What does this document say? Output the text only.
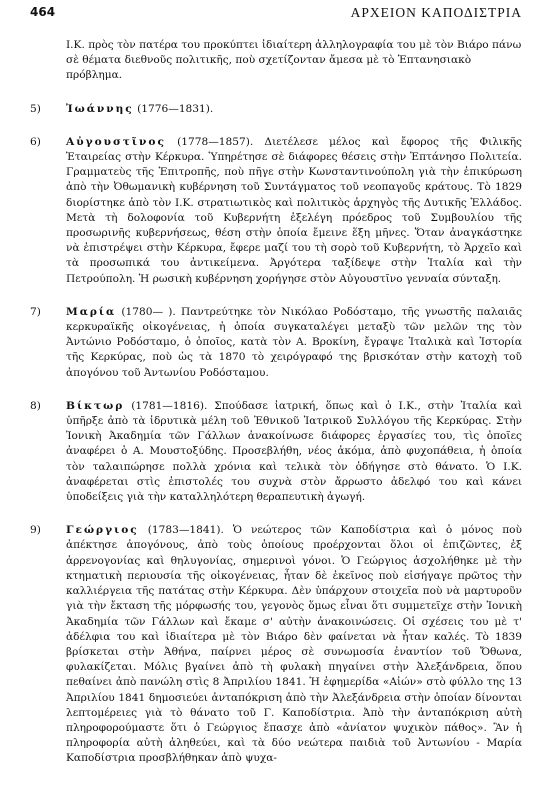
464	ΑΡΧΕΙΟΝ ΚΑΠΟΔΙΣΤΡΙΑ

Ι.Κ. πρὸς τὸν πατέρα του προκύπτει ἰδιαίτερη ἀλληλογραφία του μὲ τὸν Βιάρο πάνω σὲ θέματα διεθνοῦς πολιτικῆς, ποὺ σχετίζονταν ἄμεσα μὲ τὸ Ἑπτανησιακὸ πρόβλημα.

5)	Ἰωάννης (1776—1831).
6)	Αὐγουστῖνος (1778—1857). Διετέλεσε μέλος καὶ ἔφορος τῆς Φιλικῆς Ἑταιρείας στὴν Κέρκυρα. Ὑπηρέτησε σὲ διάφορες θέσεις στὴν Ἑπτάνησο Πολιτεία. Γραμματεὺς τῆς Ἐπιτροπῆς, ποὺ πῆγε στὴν Κωνσταντινούπολη γιὰ τὴν ἐπικύρωση ἀπὸ τὴν Ὀθωμανικὴ κυβέρνηση τοῦ Συντάγματος τοῦ νεοπαγοῦς κράτους. Τὸ 1829 διορίστηκε ἀπὸ τὸν Ι.Κ. στρατιωτικὸς καὶ πολιτικὸς ἀρχηγὸς τῆς Δυτικῆς Ἑλλάδος. Μετὰ τὴ δολοφονία τοῦ Κυβερνήτη ἐξελέγη πρόεδρος τοῦ Συμβουλίου τῆς προσωρινῆς κυβερνήσεως, θέση στὴν ὁποία ἔμεινε ἕξη μῆνες. Ὅταν ἀναγκάστηκε νὰ ἐπιστρέψει στὴν Κέρκυρα, ἔφερε μαζί του τὴ σορὸ τοῦ Κυβερνήτη, τὸ Ἀρχεῖο καὶ τὰ προσωπικά του ἀντικείμενα. Ἀργότερα ταξίδεψε στὴν Ἰταλία καὶ τὴν Πετρούπολη. Ἡ ρωσικὴ κυβέρνηση χορήγησε στὸν Αὐγουστῖνο γενναία σύνταξη.
7)	Μαρία (1780— ). Παντρεύτηκε τὸν Νικόλαο Ροδόσταμο, τῆς γνωστῆς παλαιᾶς κερκυραϊκῆς οἰκογένειας, ἡ ὁποία συγκαταλέγει μεταξὺ τῶν μελῶν της τὸν Ἀντώνιο Ροδόσταμο, ὁ ὁποῖος, κατὰ τὸν Α. Βροκίνη, ἔγραψε Ἰταλικὰ καὶ Ἱστορία τῆς Κερκύρας, ποὺ ὡς τὰ 1870 τὸ χειρόγραφό της βρισκόταν στὴν κατοχὴ τοῦ ἀπογόνου τοῦ Ἀντωνίου Ροδόσταμου.
8)	Βίκτωρ (1781—1816). Σπούδασε ἰατρική, ὅπως καὶ ὁ Ι.Κ., στὴν Ἰταλία καὶ ὑπῆρξε ἀπὸ τὰ ἱδρυτικὰ μέλη τοῦ Ἐθνικοῦ Ἰατρικοῦ Συλλόγου τῆς Κερκύρας. Στὴν Ἰονικὴ Ἀκαδημία τῶν Γάλλων ἀνακοίνωσε διάφορες ἐργασίες του, τὶς ὁποῖες ἀναφέρει ὁ Α. Μουστοξύδης. Προσεβλήθη, νέος ἀκόμα, ἀπὸ φυχοπάθεια, ἡ ὁποία τὸν ταλαιπώρησε πολλὰ χρόνια καὶ τελικὰ τὸν ὁδήγησε στὸ θάνατο. Ὁ Ι.Κ. ἀναφέρεται στὶς ἐπιστολές του συχνὰ στὸν ἄρρωστο ἀδελφό του καὶ κάνει ὑποδείξεις γιὰ τὴν καταλληλότερη θεραπευτικὴ ἀγωγή.
9)	Γεώργιος (1783—1841). Ὁ νεώτερος τῶν Καποδίστρια καὶ ὁ μόνος ποὺ ἀπέκτησε ἀπογόνους, ἀπὸ τοὺς ὁποίους προέρχονται ὅλοι οἱ ἐπιζῶντες, ἐξ ἀρρενογονίας καὶ θηλυγονίας, σημερινοὶ γόνοι. Ὁ Γεώργιος ἀσχολήθηκε μὲ τὴν κτηματικὴ περιουσία τῆς οἰκογένειας, ἦταν δὲ ἐκεῖνος ποὺ εἰσήγαγε πρῶτος τὴν καλλιέργεια τῆς πατάτας στὴν Κέρκυρα. Δὲν ὑπάρχουν στοιχεῖα ποὺ νὰ μαρτυροῦν γιὰ τὴν ἔκταση τῆς μόρφωσής του, γεγονὸς ὅμως εἶναι ὅτι συμμετεῖχε στὴν Ἰονικὴ Ἀκαδημία τῶν Γάλλων καὶ ἔκαμε σ' αὐτὴν ἀνακοινώσεις. Οἱ σχέσεις του μὲ τ' ἀδέλφια του καὶ ἰδιαίτερα μὲ τὸν Βιάρο δὲν φαίνεται νὰ ἦταν καλές. Τὸ 1839 βρίσκεται στὴν Ἀθήνα, παίρνει μέρος σὲ συνωμοσία ἐναντίον τοῦ Ὄθωνα, φυλακίζεται. Μόλις βγαίνει ἀπὸ τὴ φυλακὴ πηγαίνει στὴν Ἀλεξάνδρεια, ὅπου πεθαίνει ἀπὸ πανώλη στὶς 8 Ἀπριλίου 1841. Ἡ ἐφημερίδα «Αἰών» στὸ φύλλο της 13 Ἀπριλίου 1841 δημοσιεύει ἀνταπόκριση ἀπὸ τὴν Ἀλεξάνδρεια στὴν ὁποίαν δίνονται λεπτομέρειες γιὰ τὸ θάνατο τοῦ Γ. Καποδίστρια. Ἀπὸ τὴν ἀνταπόκριση αὐτὴ πληροφορούμαστε ὅτι ὁ Γεώργιος ἔπασχε ἀπὸ «ἀνίατον ψυχικὸν πάθος». Ἂν ἡ πληροφορία αὐτὴ ἀληθεύει, καὶ τὰ δύο νεώτερα παιδιὰ τοῦ Ἀντωνίου - Μαρία Καποδίστρια προσβλήθηκαν ἀπὸ ψυχα-
